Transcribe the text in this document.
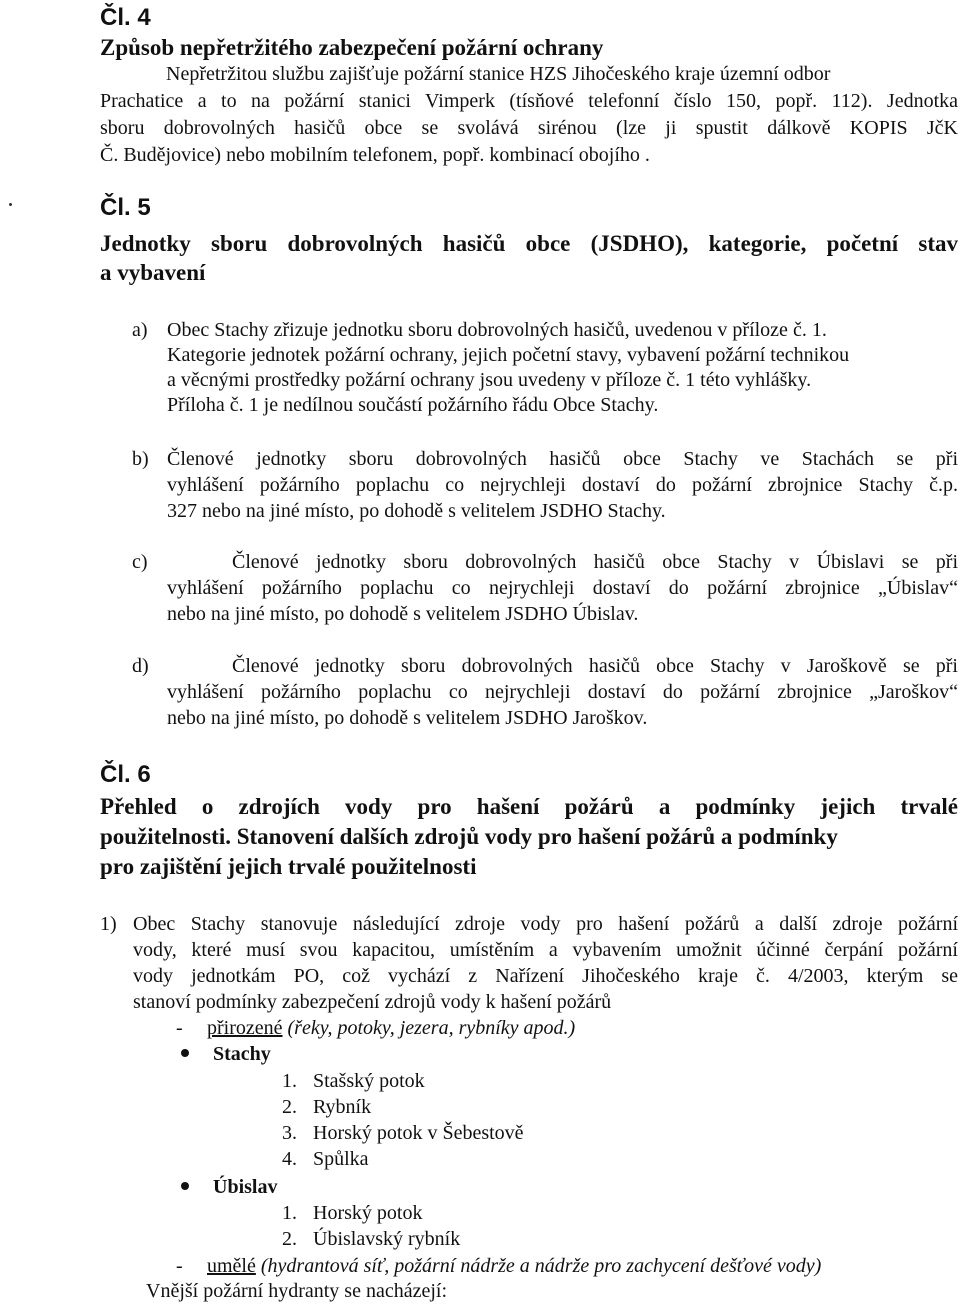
Čl. 4
Způsob nepřetržitého zabezpečení požární ochrany
Nepřetržitou službu zajišťuje požární stanice HZS Jihočeského kraje územní odbor
Prachatice a to na požární stanici Vimperk (tísňové telefonní číslo 150, popř. 112). Jednotka
sboru dobrovolných hasičů obce se svolává sirénou (lze ji spustit dálkově KOPIS JčK
Č. Budějovice) nebo mobilním telefonem, popř. kombinací obojího .
Čl. 5
Jednotky sboru dobrovolných hasičů obce (JSDHO), kategorie, početní stav
a vybavení
a) Obec Stachy zřizuje jednotku sboru dobrovolných hasičů, uvedenou v příloze č. 1.
Kategorie jednotek požární ochrany, jejich početní stavy, vybavení požární technikou
a věcnými prostředky požární ochrany jsou uvedeny v příloze č. 1 této vyhlášky.
Příloha č. 1 je nedílnou součástí požárního řádu Obce Stachy.
b) Členové jednotky sboru dobrovolných hasičů obce Stachy ve Stachách se při
vyhlášení požárního poplachu co nejrychleji dostaví do požární zbrojnice Stachy č.p.
327 nebo na jiné místo, po dohodě s velitelem JSDHO Stachy.
c)	Členové jednotky sboru dobrovolných hasičů obce Stachy v Úbislavi se při
vyhlášení požárního poplachu co nejrychleji dostaví do požární zbrojnice „Úbislav“
nebo na jiné místo, po dohodě s velitelem JSDHO Úbislav.
d)	Členové jednotky sboru dobrovolných hasičů obce Stachy v Jaroškově se při
vyhlášení požárního poplachu co nejrychleji dostaví do požární zbrojnice „Jaroškov“
nebo na jiné místo, po dohodě s velitelem JSDHO Jaroškov.
Čl. 6
Přehled o zdrojích vody pro hašení požárů a podmínky jejich trvalé
použitelnosti. Stanovení dalších zdrojů vody pro hašení požárů a podmínky
pro zajištění jejich trvalé použitelnosti
1) Obec Stachy stanovuje následující zdroje vody pro hašení požárů a další zdroje požární
vody, které musí svou kapacitou, umístěním a vybavením umožnit účinné čerpání požární
vody jednotkám PO, což vychází z Nařízení Jihočeského kraje č. 4/2003, kterým se
stanoví podmínky zabezpečení zdrojů vody k hašení požárů
- přirozené (řeky, potoky, jezera, rybníky apod.)
Stachy
1. Stašský potok
2. Rybník
3. Horský potok v Šebestově
4. Spůlka
Úbislav
1. Horský potok
2. Úbislavský rybník
- umělé (hydrantová síť, požární nádrže a nádrže pro zachycení dešťové vody)
Vnější požární hydranty se nacházejí:
